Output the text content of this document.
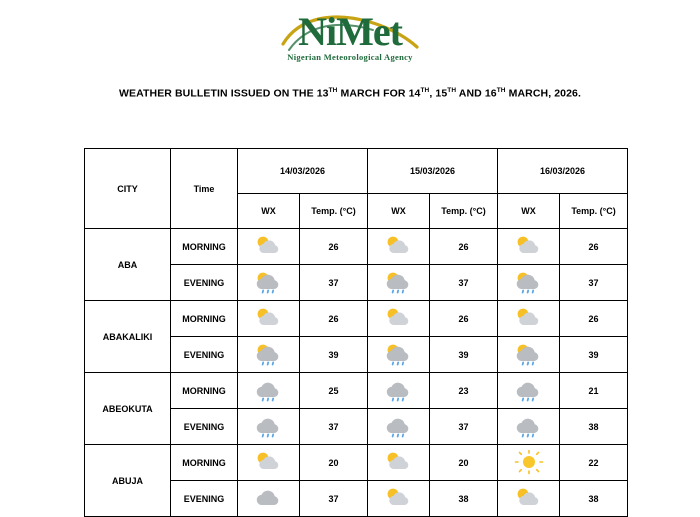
NiMet
Nigerian Meteorological Agency
WEATHER BULLETIN ISSUED ON THE 13TH MARCH FOR 14TH, 15TH AND 16TH MARCH, 2026.
CITY	Time	14/03/2026		15/03/2026		16/03/2026	
		WX	Temp. (°C)	WX	Temp. (°C)	WX	Temp. (°C)
ABA	MORNING		26		26		26
	EVENING		37		37		37
ABAKALIKI	MORNING		26		26		26
	EVENING		39		39		39
ABEOKUTA	MORNING		25		23		21
	EVENING		37		37		38
ABUJA	MORNING		20		20		22
	EVENING		37		38		38
